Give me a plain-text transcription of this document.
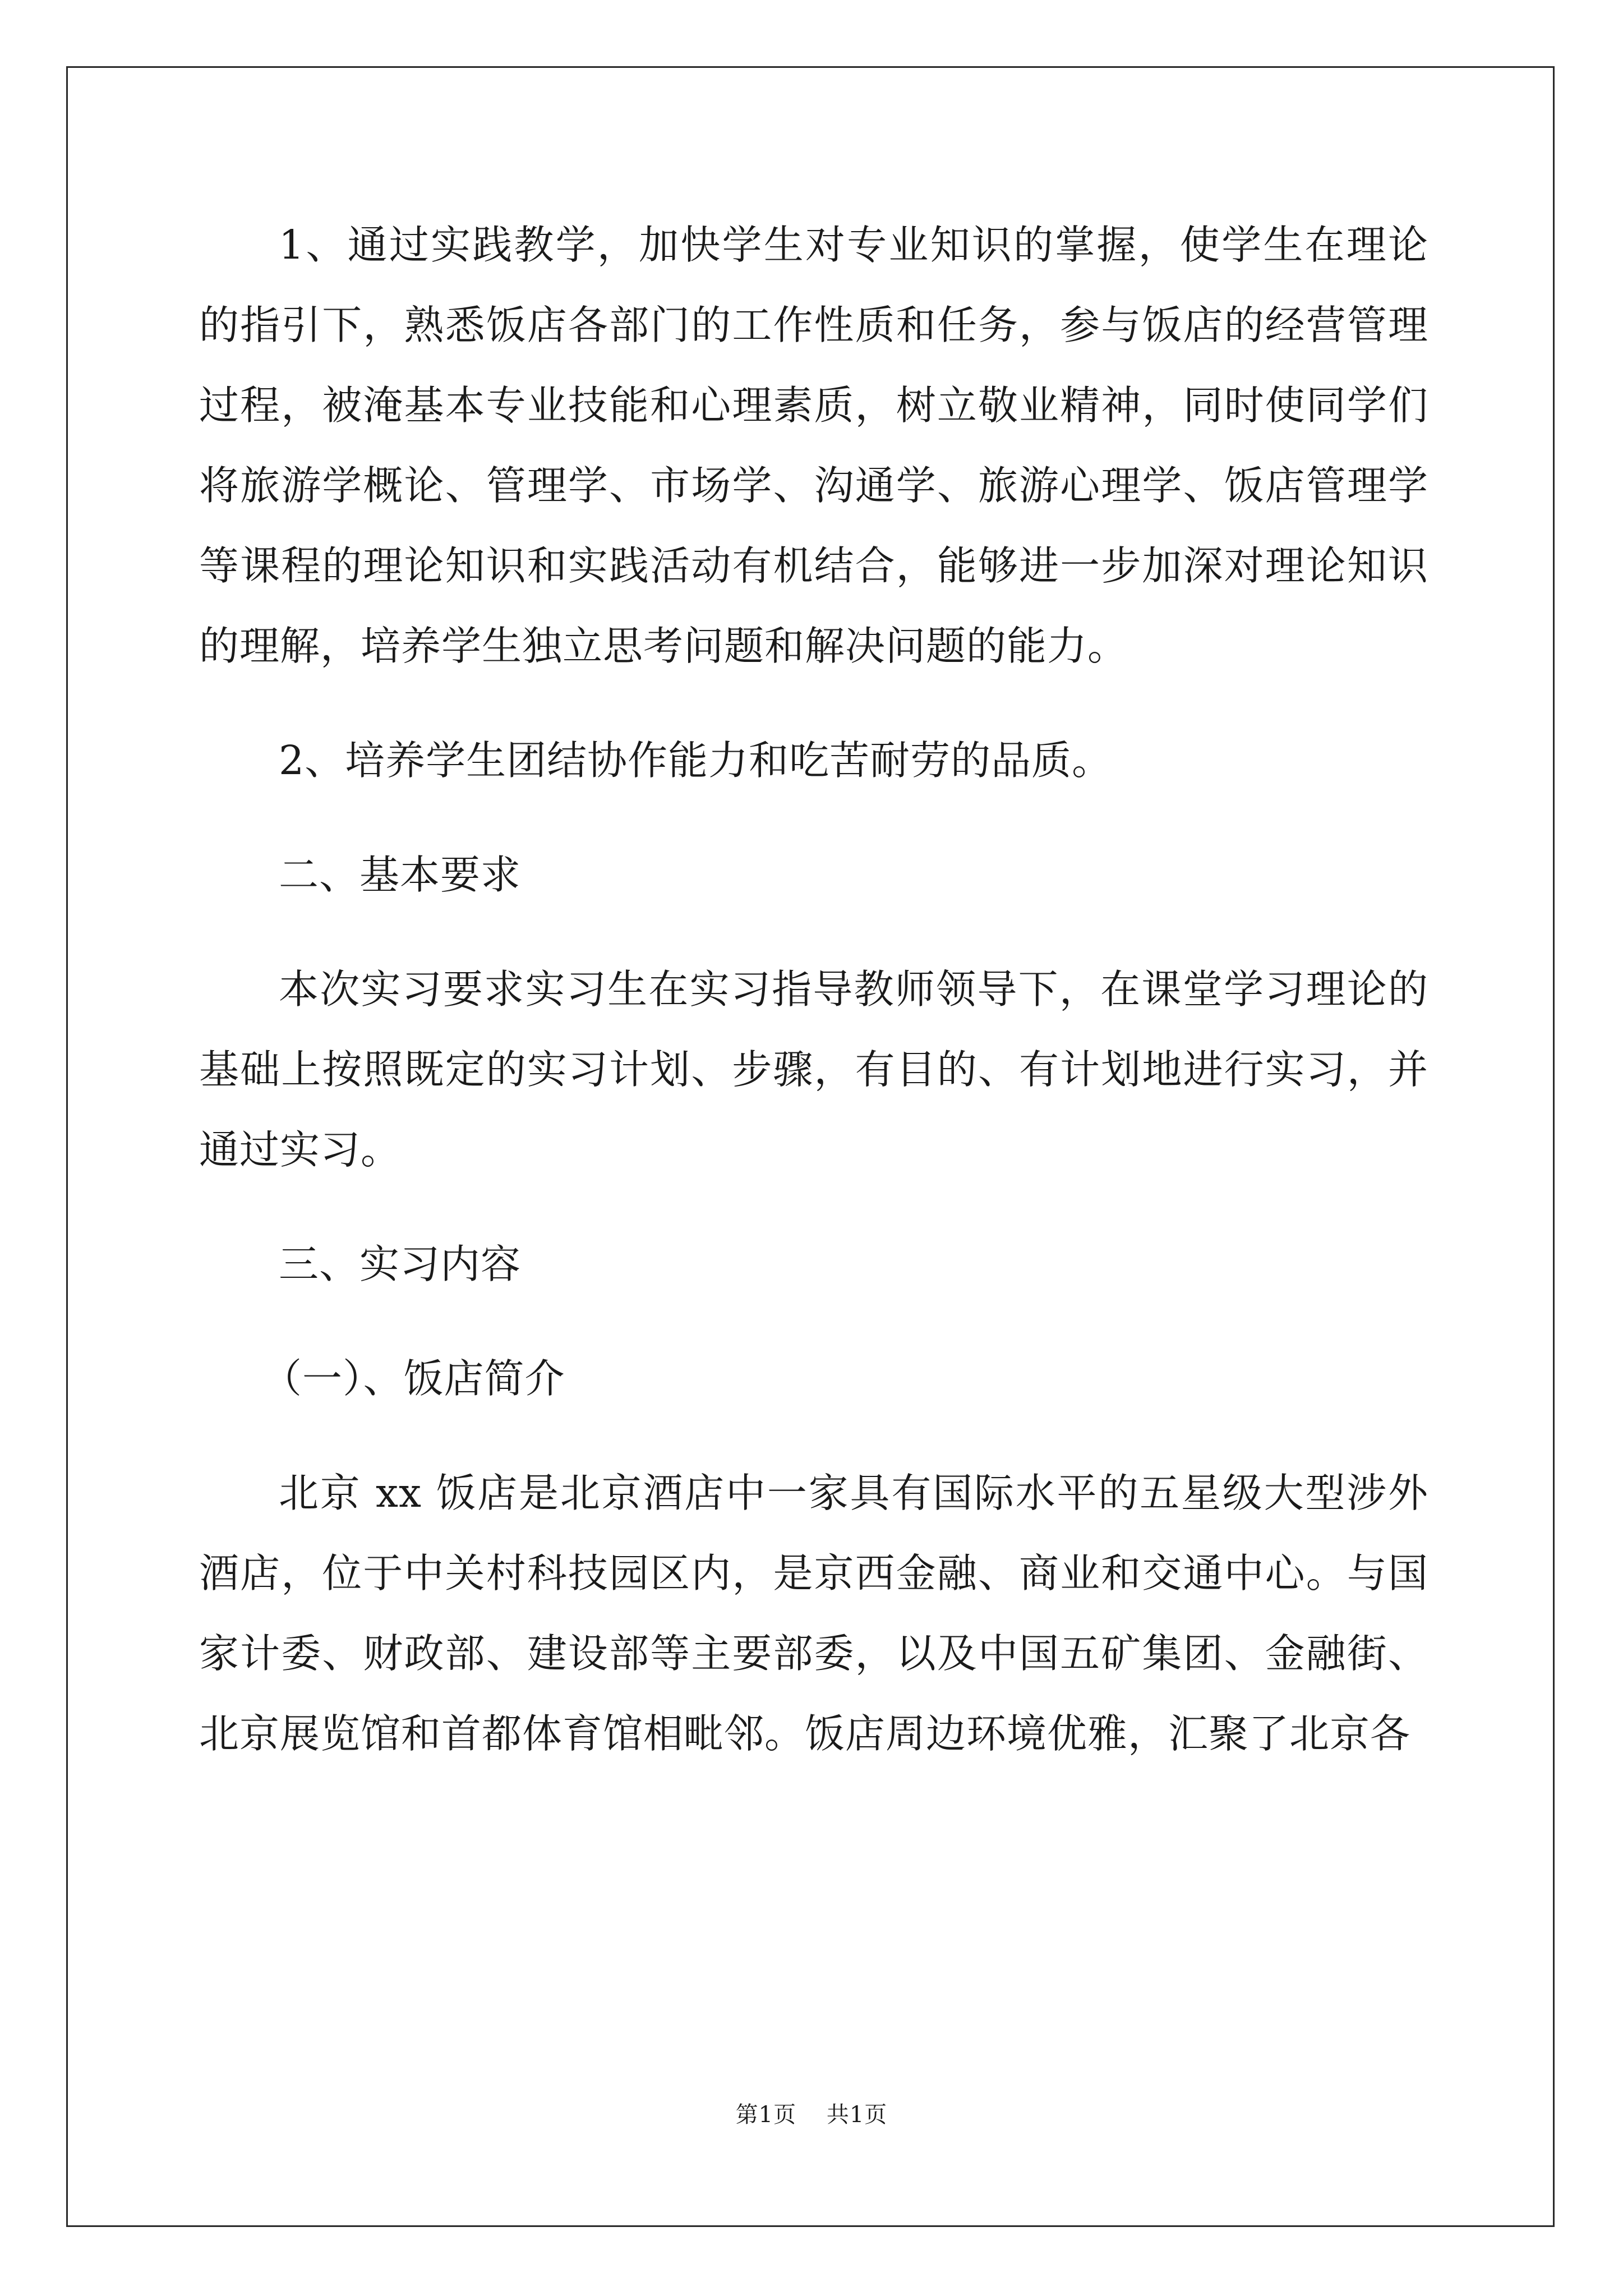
1、通过实践教学，加快学生对专业知识的掌握，使学生在理论的指引下，熟悉饭店各部门的工作性质和任务，参与饭店的经营管理过程，被淹基本专业技能和心理素质，树立敬业精神，同时使同学们将旅游学概论、管理学、市场学、沟通学、旅游心理学、饭店管理学等课程的理论知识和实践活动有机结合，能够进一步加深对理论知识的理解，培养学生独立思考问题和解决问题的能力。

2、培养学生团结协作能力和吃苦耐劳的品质。

二、基本要求

本次实习要求实习生在实习指导教师领导下，在课堂学习理论的基础上按照既定的实习计划、步骤，有目的、有计划地进行实习，并通过实习。

三、实习内容

（一）、饭店简介

北京 xx 饭店是北京酒店中一家具有国际水平的五星级大型涉外酒店，位于中关村科技园区内，是京西金融、商业和交通中心。与国家计委、财政部、建设部等主要部委，以及中国五矿集团、金融街、北京展览馆和首都体育馆相毗邻。饭店周边环境优雅，汇聚了北京各

第1页 共1页
